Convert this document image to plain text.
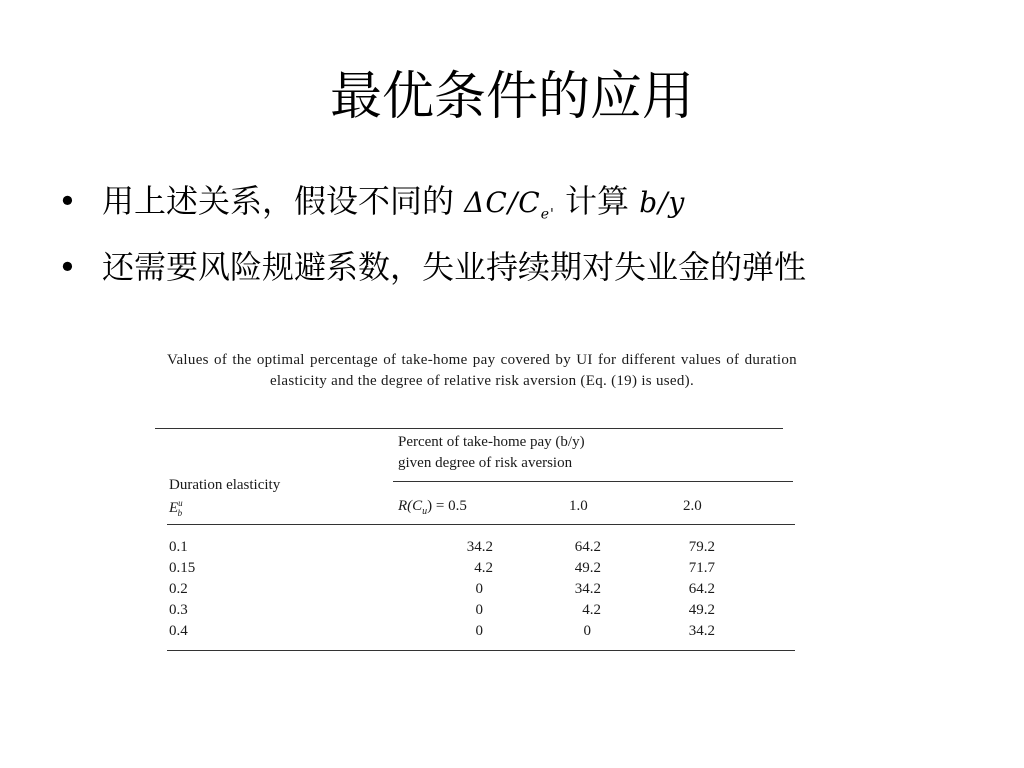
最优条件的应用
• 用上述关系，假设不同的 $\Delta C/C_{e'}$ 计算 b/y
• 还需要风险规避系数，失业持续期对失业金的弹性
Values of the optimal percentage of take-home pay covered by UI for different values of duration elasticity and the degree of relative risk aversion (Eq. (19) is used).
Percent of take-home pay (b/y)
given degree of risk aversion
Duration elasticity
$E^u_b$	$R(C_u) = 0.5$	1.0	2.0
0.1	34.2	64.2	79.2
0.15	4.2	49.2	71.7
0.2	0	34.2	64.2
0.3	0	4.2	49.2
0.4	0	0	34.2
